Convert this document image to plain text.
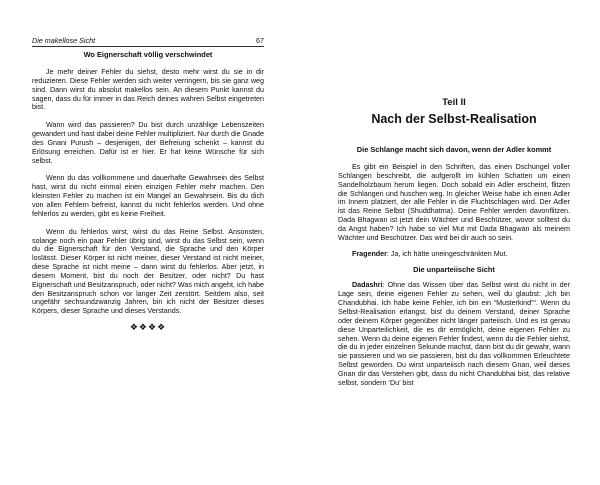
Die makellose Sicht	67
Wo Eignerschaft völlig verschwindet

Je mehr deiner Fehler du siehst, desto mehr wirst du sie in dir reduzieren. Diese Fehler werden sich weiter verringern, bis sie ganz weg sind. Dann wirst du absolut makellos sein. An diesem Punkt kannst du sagen, dass du für immer in das Reich deines wahren Selbst eingetreten bist.

Wann wird das passieren? Du bist durch unzählige Lebenszeiten gewandert und hast dabei deine Fehler multipliziert. Nur durch die Gnade des Gnani Purush – desjenigen, der Befreiung schenkt – kannst du Erlösung erreichen. Dafür ist er hier. Er hat keine Wünsche für sich selbst.

Wenn du das vollkommene und dauerhafte Gewahrsein des Selbst hast, wirst du nicht einmal einen einzigen Fehler mehr machen. Den kleinsten Fehler zu machen ist ein Mangel an Gewahrsein. Bis du dich von allen Fehlern befreist, kannst du nicht fehlerlos werden. Und ohne fehlerlos zu werden, gibt es keine Freiheit.

Wenn du fehlerlos wirst, wirst du das Reine Selbst. Ansonsten, solange noch ein paar Fehler übrig sind, wirst du das Selbst sein, wenn du die Eignerschaft für den Verstand, die Sprache und den Körper loslässt. Dieser Körper ist nicht meiner, dieser Verstand ist nicht meiner, diese Sprache ist nicht meine – dann wirst du fehlerlos. Aber jetzt, in diesem Moment, bist du noch der Besitzer, oder nicht? Du hast Eignerschaft und Besitzanspruch, oder nicht? Was mich angeht, ich habe den Besitzanspruch schon vor langer Zeit zerstört. Seitdem also, seit ungefähr sechsundzwanzig Jahren, bin ich nicht der Besitzer dieses Körpers, dieser Sprache und dieses Verstands.

❖❖❖❖
Teil II
Nach der Selbst-Realisation
Die Schlange macht sich davon, wenn der Adler kommt

Es gibt ein Beispiel in den Schriften, das einen Dschungel voller Schlangen beschreibt, die aufgerollt im kühlen Schatten um einen Sandelholzbaum herum liegen. Doch sobald ein Adler erscheint, flitzen die Schlangen und huschen weg. In gleicher Weise habe ich einen Adler im Innern platziert, der alle Fehler in die Fluchtschlagen wird. Der Adler ist das Reine Selbst (Shuddhatma). Deine Fehler werden davonflitzen. Dada Bhagwan ist jetzt dein Wächter und Beschützer, wovor solltest du da Angst haben? Ich habe so viel Mut mit Dada Bhagwan als meinem Wächter und Beschützer. Das wird bei dir auch so sein.

Fragender: Ja, ich hätte uneingeschränkten Mut.

Die unparteiische Sicht

Dadashri: Ohne das Wissen über das Selbst wirst du nicht in der Lage sein, deine eigenen Fehler zu sehen, weil du glaubst: „Ich bin Chandubhai. Ich habe keine Fehler, ich bin ein “Musterkind”“. Wenn du Selbst-Realisation erlangst, bist du deinem Verstand, deiner Sprache oder deinem Körper gegenüber nicht länger parteiisch. Und es ist genau diese Unparteilichkeit, die es dir ermöglicht, deine eigenen Fehler zu sehen. Wenn du deine eigenen Fehler findest, wenn du die Fehler siehst, die du in jeder einzelnen Sekunde machst, dann bist du dir gewahr, wann sie passieren und wo sie passieren, bist du das vollkommen Erleuchtete Selbst geworden. Du wirst unparteiisch nach diesem Gnan, weil dieses Gnan dir das Verstehen gibt, dass du nicht Chandubhai bist, das relative selbst, sondern ‘Du’ bist
